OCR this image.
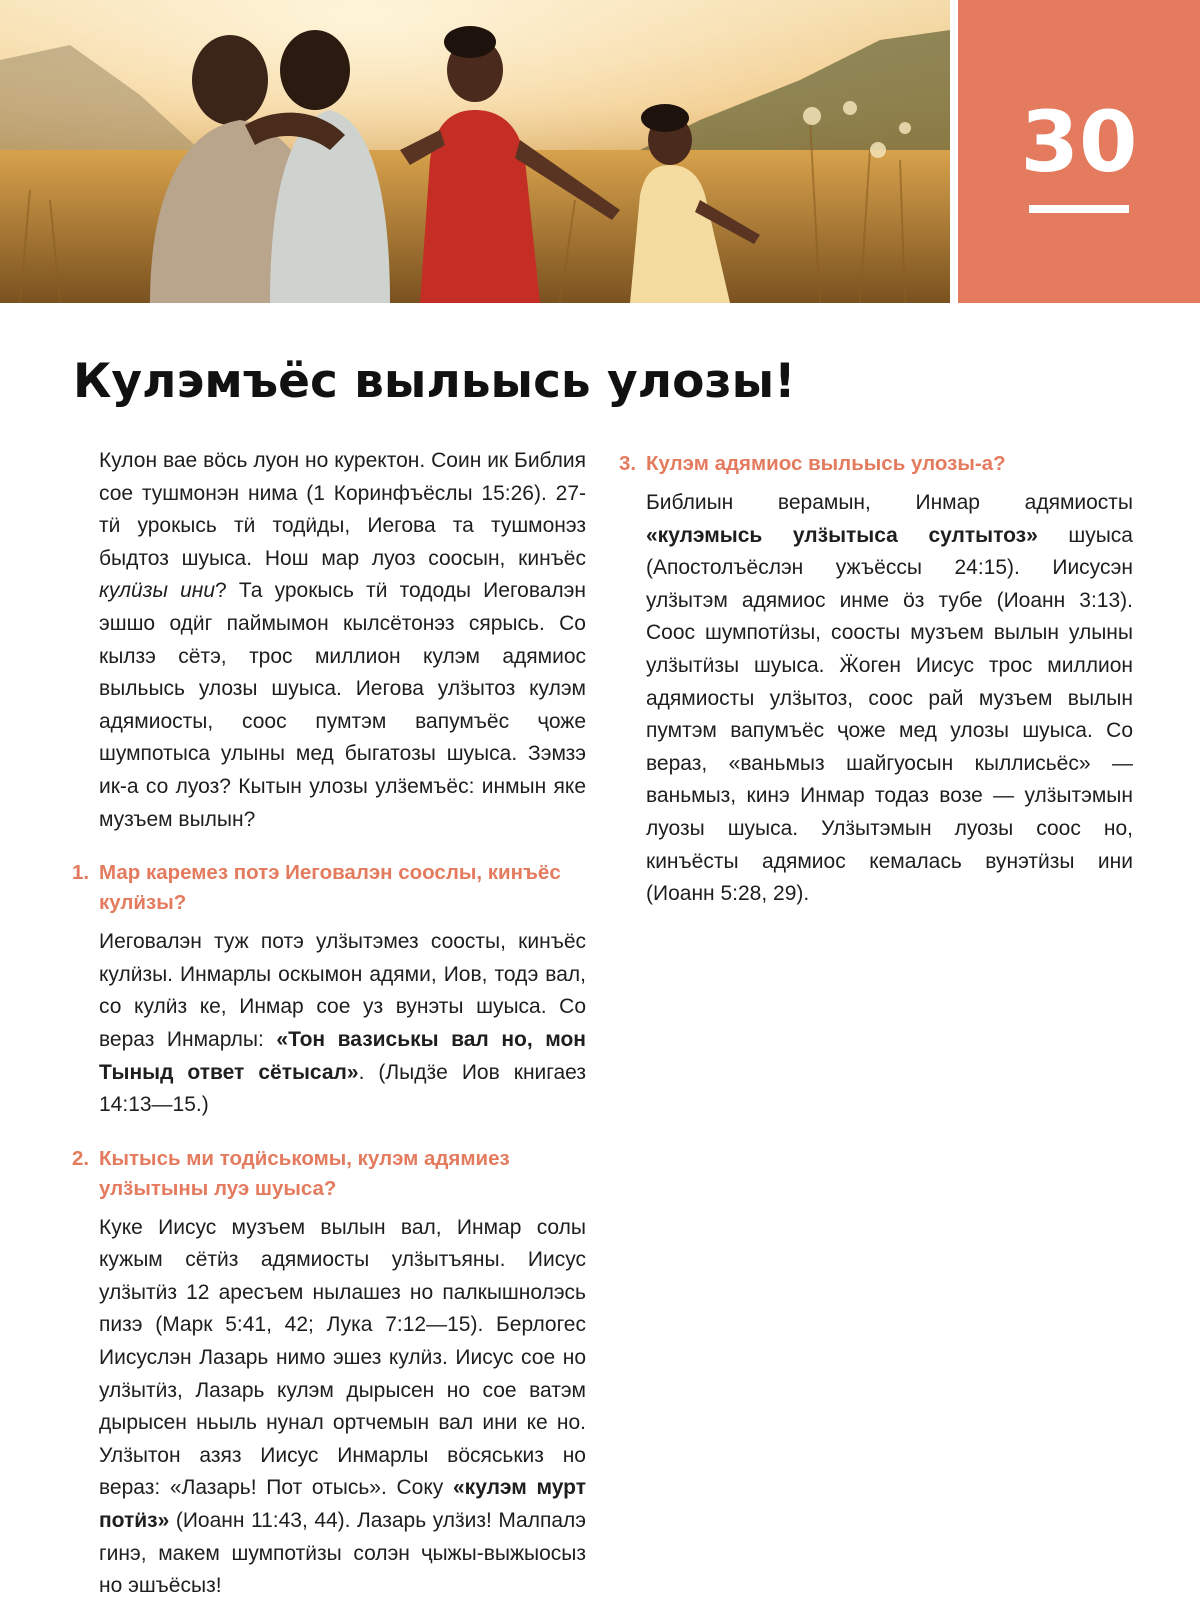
30
Кулэмъёс выльысь улозы!

Кулон вае вӧсь луон но куректон. Соин ик Библия сое тушмонэн нима (1 Коринфъёслы 15:26). 27-тӥ урокысь тӥ тодӥды, Иегова та тушмонэз быдтоз шуыса. Нош мар луоз соосын, кинъёс кулӥзы ини? Та урокысь тӥ тододы Иеговалэн эшшо одӥг паймымон кылсётонэз сярысь. Со кылзэ сётэ, трос миллион кулэм адямиос выльысь улозы шуыса. Иегова улӟытоз кулэм адямиосты, соос пумтэм вапумъёс ҷоже шумпотыса улыны мед быгатозы шуыса. Зэмзэ ик-а со луоз? Кытын улозы улӟемъёс: инмын яке музъем вылын?

1. Мар каремез потэ Иеговалэн соослы, кинъёс кулӥзы?

Иеговалэн туж потэ улӟытэмез соосты, кинъёс кулӥзы. Инмарлы оскымон адями, Иов, тодэ вал, со кулӥз ке, Инмар сое уз вунэты шуыса. Со вераз Инмарлы: «Тон вазиськы вал но, мон Тыныд ответ сётысал». (Лыдӟе Иов книгаез 14:13—15.)

2. Кытысь ми тодӥськомы, кулэм адямиез улӟытыны луэ шуыса?

Куке Иисус музъем вылын вал, Инмар солы кужым сётӥз адямиосты улӟытъяны. Иисус улӟытӥз 12 аресъем нылашез но палкышнолэсь пизэ (Марк 5:41, 42; Лука 7:12—15). Берлогес Иисуслэн Лазарь нимо эшез кулӥз. Иисус сое но улӟытӥз, Лазарь кулэм дырысен но сое ватэм дырысен ньыль нунал ортчемын вал ини ке но. Улӟытон азяз Иисус Инмарлы вӧсяськиз но вераз: «Лазарь! Пот отысь». Соку «кулэм мурт потӥз» (Иоанн 11:43, 44). Лазарь улӟиз! Малпалэ гинэ, макем шумпотӥзы солэн ҷыжы-выжыосыз но эшъёсыз!

3. Кулэм адямиос выльысь улозы-а?

Библиын верамын, Инмар адямиосты «кулэмысь улӟытыса султытоз» шуыса (Апостолъёслэн ужъёссы 24:15). Иисусэн улӟытэм адямиос инме ӧз тубе (Иоанн 3:13). Соос шумпотӥзы, соосты музъем вылын улыны улӟытӥзы шуыса. Ӝоген Иисус трос миллион адямиосты улӟытоз, соос рай музъем вылын пумтэм вапумъёс ҷоже мед улозы шуыса. Со вераз, «ваньмыз шайгуосын кыллисьёс» — ваньмыз, кинэ Инмар тодаз возе — улӟытэмын луозы шуыса. Улӟытэмын луозы соос но, кинъёсты адямиос кемалась вунэтӥзы ини (Иоанн 5:28, 29).
